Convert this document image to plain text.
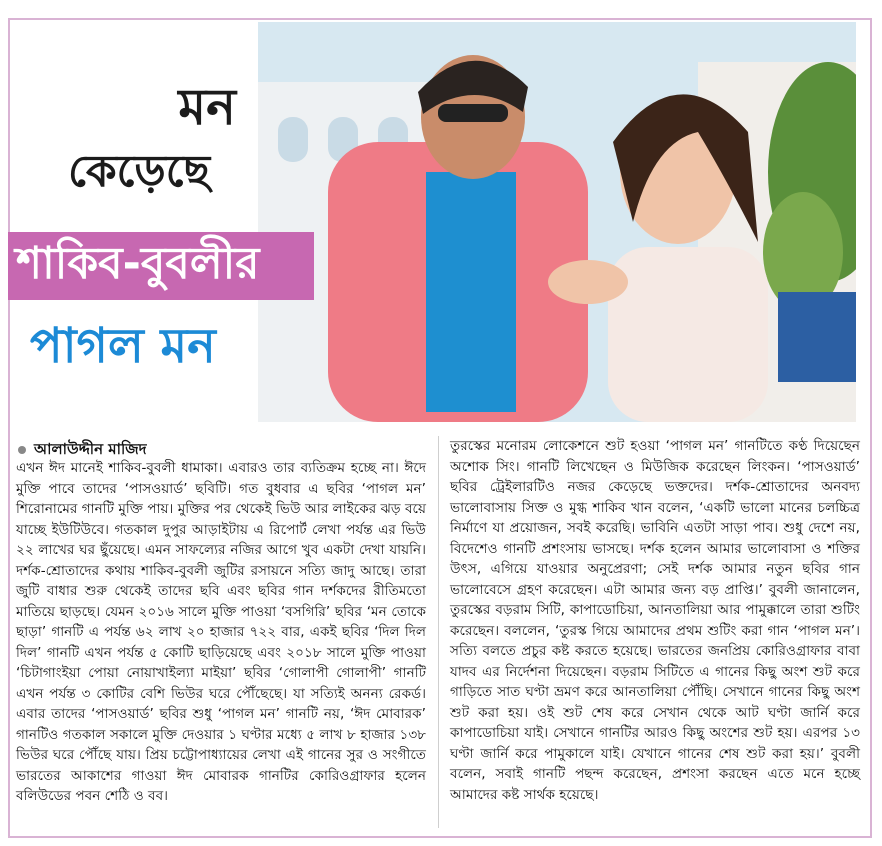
মন
কেড়েছে
শাকিব-বুবলীর
পাগল মন
আলাউদ্দীন মাজিদ
এখন ঈদ মানেই শাকিব-বুবলী ধামাকা। এবারও তার ব্যতিক্রম হচ্ছে না। ঈদে মুক্তি পাবে তাদের ‘পাসওয়ার্ড’ ছবিটি। গত বুধবার এ ছবির ‘পাগল মন’ শিরোনামের গানটি মুক্তি পায়। মুক্তির পর থেকেই ভিউ আর লাইকের ঝড় বয়ে যাচ্ছে ইউটিউবে। গতকাল দুপুর আড়াইটায় এ রিপোর্ট লেখা পর্যন্ত এর ভিউ ২২ লাখের ঘর ছুঁয়েছে। এমন সাফল্যের নজির আগে খুব একটা দেখা যায়নি। দর্শক-শ্রোতাদের কথায় শাকিব-বুবলী জুটির রসায়নে সত্যি জাদু আছে। তারা জুটি বাধার শুরু থেকেই তাদের ছবি এবং ছবির গান দর্শকদের রীতিমতো মাতিয়ে ছাড়ছে। যেমন ২০১৬ সালে মুক্তি পাওয়া ‘বসগিরি’ ছবির ‘মন তোকে ছাড়া’ গানটি এ পর্যন্ত ৬২ লাখ ২০ হাজার ৭২২ বার, একই ছবির ‘দিল দিল দিল’ গানটি এখন পর্যন্ত ৫ কোটি ছাড়িয়েছে এবং ২০১৮ সালে মুক্তি পাওয়া ‘চিটাগাংইয়া পোয়া নোয়াখাইল্যা মাইয়া’ ছবির ‘গোলাপী গোলাপী’ গানটি এখন পর্যন্ত ৩ কোটির বেশি ভিউর ঘরে পৌঁছেছে। যা সত্যিই অনন্য রেকর্ড। এবার তাদের ‘পাসওয়ার্ড’ ছবির শুধু ‘পাগল মন’ গানটি নয়, ‘ঈদ মোবারক’ গানটিও গতকাল সকালে মুক্তি দেওয়ার ১ ঘণ্টার মধ্যে ৫ লাখ ৮ হাজার ১৩৮ ভিউর ঘরে পৌঁছে যায়। প্রিয় চট্টোপাধ্যায়ের লেখা এই গানের সুর ও সংগীতে ভারতের আকাশের গাওয়া ঈদ মোবারক গানটির কোরিওগ্রাফার হলেন বলিউডের পবন শেঠি ও বব।
তুরস্কের মনোরম লোকেশনে শুট হওয়া ‘পাগল মন’ গানটিতে কণ্ঠ দিয়েছেন অশোক সিং। গানটি লিখেছেন ও মিউজিক করেছেন লিংকন। ‘পাসওয়ার্ড’ ছবির ট্রেইলারটিও নজর কেড়েছে ভক্তদের। দর্শক-শ্রোতাদের অনবদ্য ভালোবাসায় সিক্ত ও মুগ্ধ শাকিব খান বলেন, ‘একটি ভালো মানের চলচ্চিত্র নির্মাণে যা প্রয়োজন, সবই করেছি। ভাবিনি এতটা সাড়া পাব। শুধু দেশে নয়, বিদেশেও গানটি প্রশংসায় ভাসছে। দর্শক হলেন আমার ভালোবাসা ও শক্তির উৎস, এগিয়ে যাওয়ার অনুপ্রেরণা; সেই দর্শক আমার নতুন ছবির গান ভালোবেসে গ্রহণ করেছেন। এটা আমার জন্য বড় প্রাপ্তি।’ বুবলী জানালেন, তুরস্কের বড়রাম সিটি, কাপাডোচিয়া, আনতালিয়া আর পামুক্কালে তারা শুটিং করেছেন। বললেন, ‘তুরস্ক গিয়ে আমাদের প্রথম শুটিং করা গান ‘পাগল মন’। সত্যি বলতে প্রচুর কষ্ট করতে হয়েছে। ভারতের জনপ্রিয় কোরিওগ্রাফার বাবা যাদব এর নির্দেশনা দিয়েছেন। বড়রাম সিটিতে এ গানের কিছু অংশ শুট করে গাড়িতে সাত ঘণ্টা ভ্রমণ করে আনতালিয়া পৌঁছি। সেখানে গানের কিছু অংশ শুট করা হয়। ওই শুট শেষ করে সেখান থেকে আট ঘণ্টা জার্নি করে কাপাডোচিয়া যাই। সেখানে গানটির আরও কিছু অংশের শুট হয়। এরপর ১৩ ঘণ্টা জার্নি করে পামুকালে যাই। যেখানে গানের শেষ শুট করা হয়।’ বুবলী বলেন, সবাই গানটি পছন্দ করেছেন, প্রশংসা করছেন এতে মনে হচ্ছে আমাদের কষ্ট সার্থক হয়েছে।
